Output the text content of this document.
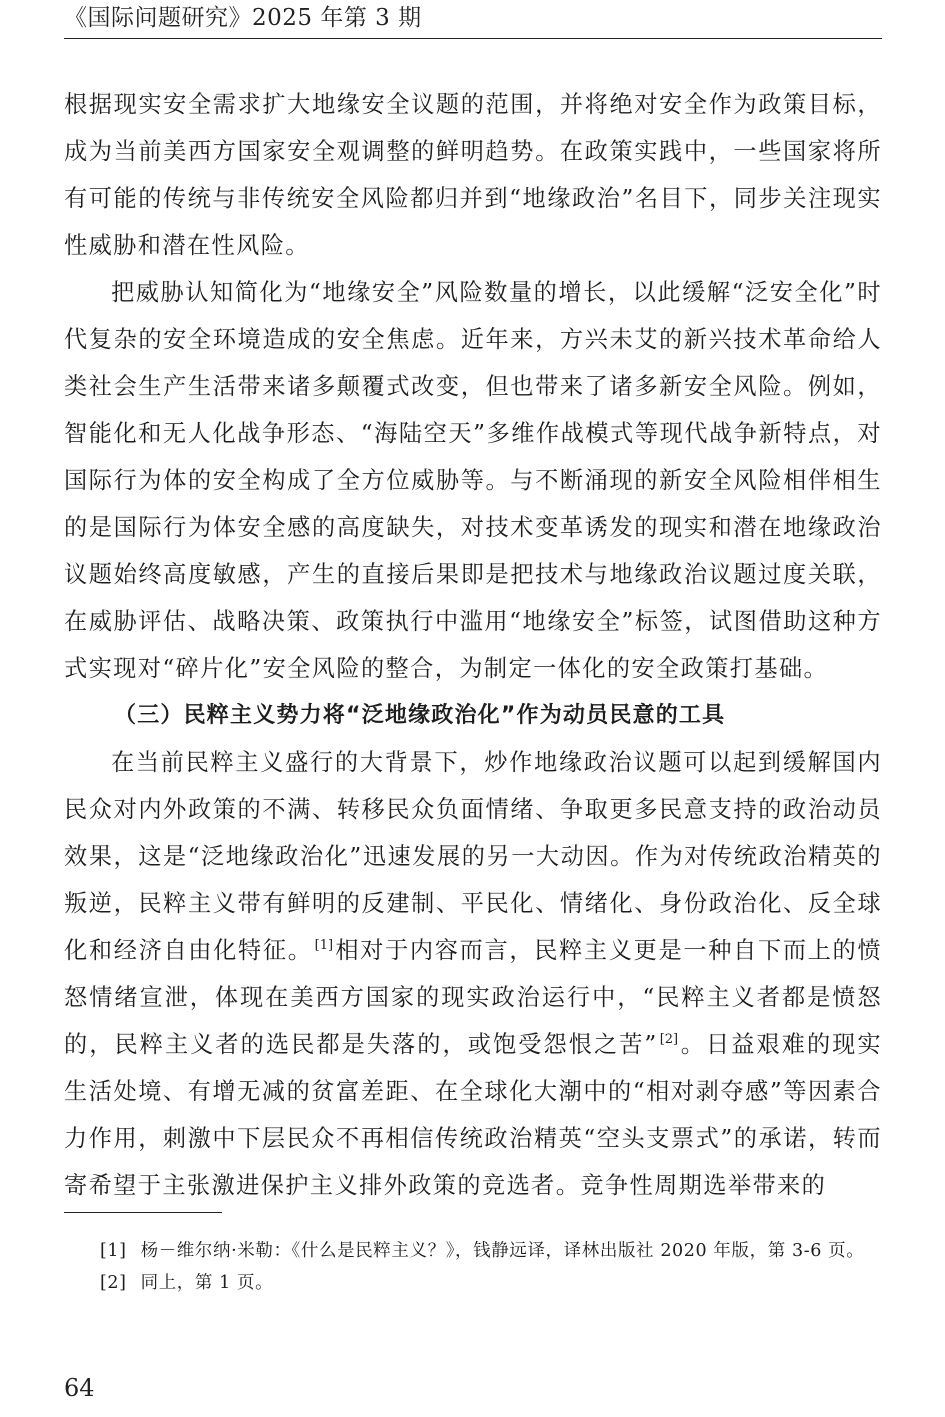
《国际问题研究》2025 年第 3 期

根据现实安全需求扩大地缘安全议题的范围，并将绝对安全作为政策目标，成为当前美西方国家安全观调整的鲜明趋势。在政策实践中，一些国家将所有可能的传统与非传统安全风险都归并到“地缘政治”名目下，同步关注现实性威胁和潜在性风险。

把威胁认知简化为“地缘安全”风险数量的增长，以此缓解“泛安全化”时代复杂的安全环境造成的安全焦虑。近年来，方兴未艾的新兴技术革命给人类社会生产生活带来诸多颠覆式改变，但也带来了诸多新安全风险。例如，智能化和无人化战争形态、“海陆空天”多维作战模式等现代战争新特点，对国际行为体的安全构成了全方位威胁等。与不断涌现的新安全风险相伴相生的是国际行为体安全感的高度缺失，对技术变革诱发的现实和潜在地缘政治议题始终高度敏感，产生的直接后果即是把技术与地缘政治议题过度关联，在威胁评估、战略决策、政策执行中滥用“地缘安全”标签，试图借助这种方式实现对“碎片化”安全风险的整合，为制定一体化的安全政策打基础。

（三）民粹主义势力将“泛地缘政治化”作为动员民意的工具

在当前民粹主义盛行的大背景下，炒作地缘政治议题可以起到缓解国内民众对内外政策的不满、转移民众负面情绪、争取更多民意支持的政治动员效果，这是“泛地缘政治化”迅速发展的另一大动因。作为对传统政治精英的叛逆，民粹主义带有鲜明的反建制、平民化、情绪化、身份政治化、反全球化和经济自由化特征。 [1]相对于内容而言，民粹主义更是一种自下而上的愤怒情绪宣泄，体现在美西方国家的现实政治运行中，“民粹主义者都是愤怒的，民粹主义者的选民都是失落的，或饱受怨恨之苦” [2]。日益艰难的现实生活处境、有增无减的贫富差距、在全球化大潮中的“相对剥夺感”等因素合力作用，刺激中下层民众不再相信传统政治精英“空头支票式”的承诺，转而寄希望于主张激进保护主义排外政策的竞选者。竞争性周期选举带来的

[1] 杨－维尔纳·米勒：《什么是民粹主义？》，钱静远译，译林出版社 2020 年版，第 3-6 页。

[2] 同上，第 1 页。

64
